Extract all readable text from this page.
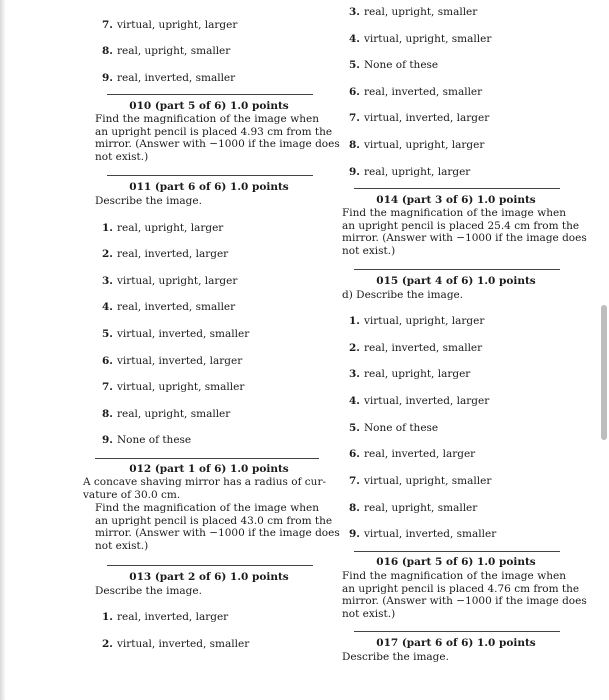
7. virtual, upright, larger
8. real, upright, smaller
9. real, inverted, smaller
010 (part 5 of 6) 1.0 points
Find the magnification of the image when
an upright pencil is placed 4.93 cm from the
mirror. (Answer with −1000 if the image does
not exist.)
011 (part 6 of 6) 1.0 points
Describe the image.
1. real, upright, larger
2. real, inverted, larger
3. virtual, upright, larger
4. real, inverted, smaller
5. virtual, inverted, smaller
6. virtual, inverted, larger
7. virtual, upright, smaller
8. real, upright, smaller
9. None of these
012 (part 1 of 6) 1.0 points
A concave shaving mirror has a radius of cur-
vature of 30.0 cm.
Find the magnification of the image when
an upright pencil is placed 43.0 cm from the
mirror. (Answer with −1000 if the image does
not exist.)
013 (part 2 of 6) 1.0 points
Describe the image.
1. real, inverted, larger
2. virtual, inverted, smaller
3. real, upright, smaller
4. virtual, upright, smaller
5. None of these
6. real, inverted, smaller
7. virtual, inverted, larger
8. virtual, upright, larger
9. real, upright, larger
014 (part 3 of 6) 1.0 points
Find the magnification of the image when
an upright pencil is placed 25.4 cm from the
mirror. (Answer with −1000 if the image does
not exist.)
015 (part 4 of 6) 1.0 points
d) Describe the image.
1. virtual, upright, larger
2. real, inverted, smaller
3. real, upright, larger
4. virtual, inverted, larger
5. None of these
6. real, inverted, larger
7. virtual, upright, smaller
8. real, upright, smaller
9. virtual, inverted, smaller
016 (part 5 of 6) 1.0 points
Find the magnification of the image when
an upright pencil is placed 4.76 cm from the
mirror. (Answer with −1000 if the image does
not exist.)
017 (part 6 of 6) 1.0 points
Describe the image.
